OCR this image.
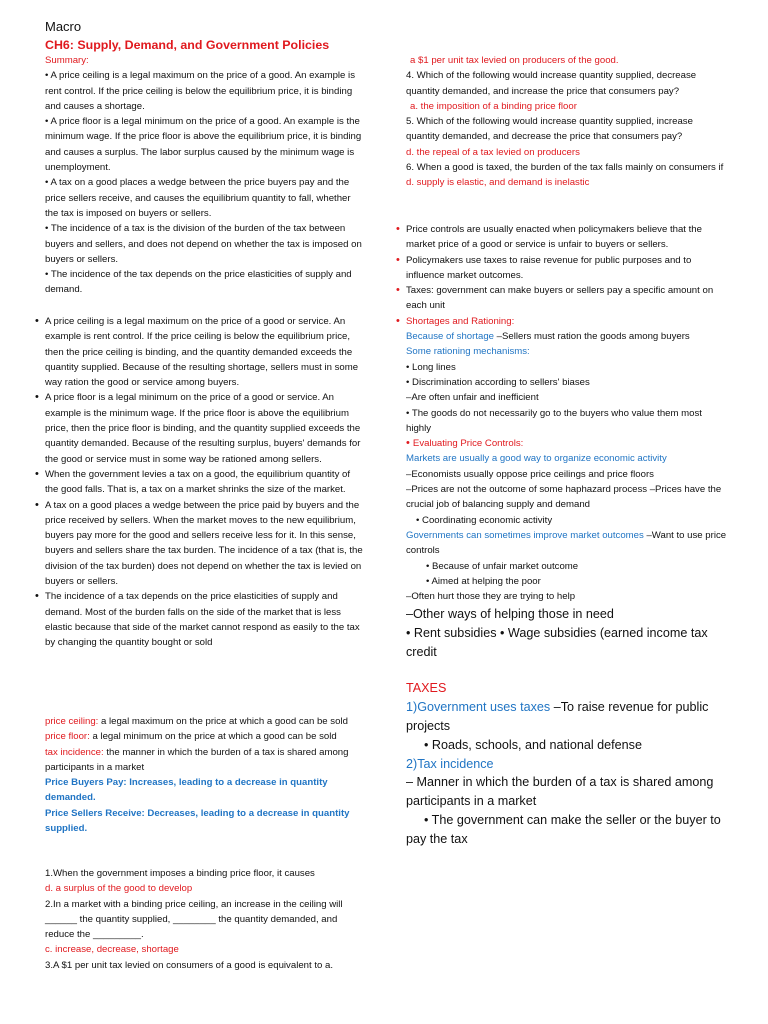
Macro
CH6: Supply, Demand, and Government Policies

Summary:

• A price ceiling is a legal maximum on the price of a good. An example is rent control. If the price ceiling is below the equilibrium price, it is binding and causes a shortage.

• A price floor is a legal minimum on the price of a good. An example is the minimum wage. If the price floor is above the equilibrium price, it is binding and causes a surplus. The labor surplus caused by the minimum wage is unemployment.

• A tax on a good places a wedge between the price buyers pay and the price sellers receive, and causes the equilibrium quantity to fall, whether the tax is imposed on buyers or sellers.

• The incidence of a tax is the division of the burden of the tax between buyers and sellers, and does not depend on whether the tax is imposed on buyers or sellers.

• The incidence of the tax depends on the price elasticities of supply and demand.

• A price ceiling is a legal maximum on the price of a good or service. An example is rent control. If the price ceiling is below the equilibrium price, then the price ceiling is binding, and the quantity demanded exceeds the quantity supplied. Because of the resulting shortage, sellers must in some way ration the good or service among buyers.
• A price floor is a legal minimum on the price of a good or service. An example is the minimum wage. If the price floor is above the equilibrium price, then the price floor is binding, and the quantity supplied exceeds the quantity demanded. Because of the resulting surplus, buyers' demands for the good or service must in some way be rationed among sellers.
• When the government levies a tax on a good, the equilibrium quantity of the good falls. That is, a tax on a market shrinks the size of the market.
• A tax on a good places a wedge between the price paid by buyers and the price received by sellers. When the market moves to the new equilibrium, buyers pay more for the good and sellers receive less for it. In this sense, buyers and sellers share the tax burden. The incidence of a tax (that is, the division of the tax burden) does not depend on whether the tax is levied on buyers or sellers.
• The incidence of a tax depends on the price elasticities of supply and demand. Most of the burden falls on the side of the market that is less elastic because that side of the market cannot respond as easily to the tax by changing the quantity bought or sold

price ceiling: a legal maximum on the price at which a good can be sold

price floor: a legal minimum on the price at which a good can be sold

tax incidence: the manner in which the burden of a tax is shared among participants in a market

Price Buyers Pay: Increases, leading to a decrease in quantity demanded.

Price Sellers Receive: Decreases, leading to a decrease in quantity supplied.

1.When the government imposes a binding price floor, it causes

d. a surplus of the good to develop

2.In a market with a binding price ceiling, an increase in the ceiling will ______ the quantity supplied, ________ the quantity demanded, and reduce the _________.

c. increase, decrease, shortage

3.A $1 per unit tax levied on consumers of a good is equivalent to a.

a $1 per unit tax levied on producers of the good.

4. Which of the following would increase quantity supplied, decrease quantity demanded, and increase the price that consumers pay?

a. the imposition of a binding price floor

5. Which of the following would increase quantity supplied, increase quantity demanded, and decrease the price that consumers pay?

d. the repeal of a tax levied on producers

6. When a good is taxed, the burden of the tax falls mainly on consumers if

d. supply is elastic, and demand is inelastic

• Price controls are usually enacted when policymakers believe that the market price of a good or service is unfair to buyers or sellers.
• Policymakers use taxes to raise revenue for public purposes and to influence market outcomes.
• Taxes: government can make buyers or sellers pay a specific amount on each unit
• Shortages and Rationing:

Because of shortage –Sellers must ration the goods among buyers

Some rationing mechanisms:

• Long lines

• Discrimination according to sellers' biases

–Are often unfair and inefficient

• The goods do not necessarily go to the buyers who value them most highly

• Evaluating Price Controls:

Markets are usually a good way to organize economic activity

–Economists usually oppose price ceilings and price floors

–Prices are not the outcome of some haphazard process –Prices have the crucial job of balancing supply and demand

• Coordinating economic activity

Governments can sometimes improve market outcomes –Want to use price controls

• Because of unfair market outcome

• Aimed at helping the poor

–Often hurt those they are trying to help

–Other ways of helping those in need

• Rent subsidies • Wage subsidies (earned income tax credit

TAXES

1)Government uses taxes –To raise revenue for public projects

• Roads, schools, and national defense

2)Tax incidence

– Manner in which the burden of a tax is shared among participants in a market

• The government can make the seller or the buyer to pay the tax
